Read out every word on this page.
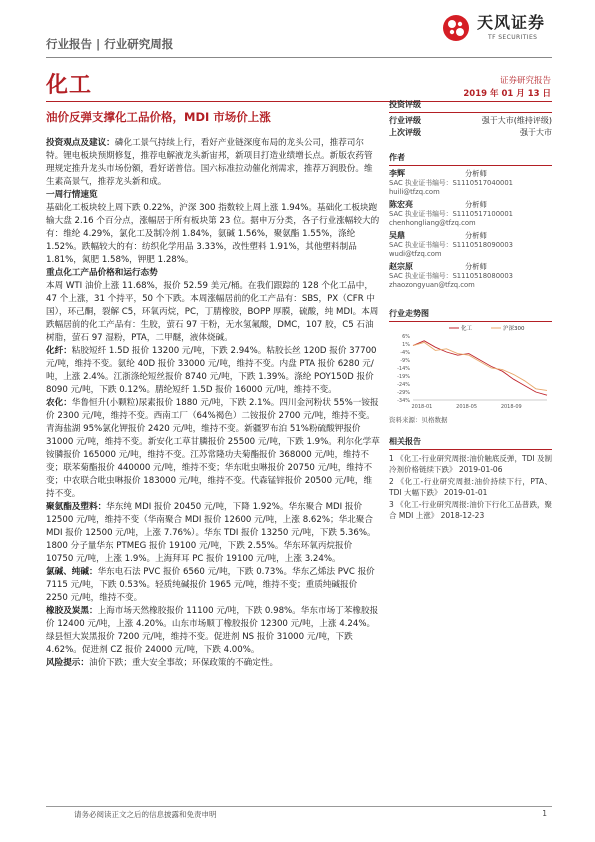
天风证券
TF SECURITIES
行业报告 | 行业研究周报
化工	证券研究报告
2019 年 01 月 13 日
油价反弹支撑化工品价格，MDI 市场价上涨

投资观点及建议：磷化工景气持续上行，看好产业链深度布局的龙头公司，推荐司尔特。锂电板块预期修复，推荐电解液龙头新宙邦，新项目打造业绩增长点。新版农药管理规定推升龙头市场份额，看好诺普信。国六标准拉动催化剂需求，推荐万润股份。维生素高景气，推荐龙头新和成。

一周行情速览

基础化工板块较上周下跌 0.22%，沪深 300 指数较上周上涨 1.94%。基础化工板块跑输大盘 2.16 个百分点，涨幅居于所有板块第 23 位。据申万分类，各子行业涨幅较大的有：维纶 4.29%，氯化工及制冷剂 1.84%，氨碱 1.56%，聚氨酯 1.55%，涤纶 1.52%。跌幅较大的有：纺织化学用品 3.33%，改性塑料 1.91%，其他塑料制品 1.81%，氮肥 1.58%，钾肥 1.28%。

重点化工产品价格和运行态势

本周 WTI 油价上涨 11.68%，报价 52.59 美元/桶。在我们跟踪的 128 个化工品中，47 个上涨，31 个持平，50 个下跌。本周涨幅居前的化工产品有：SBS，PX（CFR 中国），环己酮，裂解 C5，环氧丙烷，PC，丁腈橡胶，BOPP 厚膜，硫酸，纯 MDI。本周跌幅居前的化工产品有：生胶，萤石 97 干粉，无水氢氟酸，DMC，107 胶，C5 石油树脂，萤石 97 湿粉，PTA，二甲醚，液体烧碱。

化纤：粘胶短纤 1.5D 报价 13200 元/吨，下跌 2.94%。粘胶长丝 120D 报价 37700 元/吨，维持不变。氨纶 40D 报价 33000 元/吨，维持不变。内盘 PTA 报价 6280 元/吨，上涨 2.4%。江浙涤纶短丝报价 8740 元/吨，下跌 1.39%。涤纶 POY150D 报价 8090 元/吨，下跌 0.12%。腈纶短纤 1.5D 报价 16000 元/吨，维持不变。

农化：华鲁恒升(小颗粒)尿素报价 1880 元/吨，下跌 2.1%。四川金河粉状 55%一铵报价 2300 元/吨，维持不变。西南工厂（64%褐色）二铵报价 2700 元/吨，维持不变。青海盐湖 95%氯化钾报价 2420 元/吨，维持不变。新疆罗布泊 51%粉硫酸钾报价 31000 元/吨，维持不变。新安化工草甘膦报价 25500 元/吨，下跌 1.9%。利尔化学草铵膦报价 165000 元/吨，维持不变。江苏常隆功夫菊酯报价 368000 元/吨，维持不变；联苯菊酯报价 440000 元/吨，维持不变；华东吡虫啉报价 20750 元/吨，维持不变；中农联合吡虫啉报价 183000 元/吨，维持不变。代森锰锌报价 20500 元/吨，维持不变。

聚氨酯及塑料：华东纯 MDI 报价 20450 元/吨，下降 1.92%。华东聚合 MDI 报价 12500 元/吨，维持不变（华南聚合 MDI 报价 12600 元/吨，上涨 8.62%；华北聚合 MDI 报价 12500 元/吨，上涨 7.76%）。华东 TDI 报价 13250 元/吨，下跌 5.36%。1800 分子量华东 PTMEG 报价 19100 元/吨，下跌 2.55%。华东环氧丙烷报价 10750 元/吨，上涨 1.9%。上海拜耳 PC 报价 19100 元/吨，上涨 3.24%。

氯碱、纯碱：华东电石法 PVC 报价 6560 元/吨，下跌 0.73%。华东乙烯法 PVC 报价 7115 元/吨，下跌 0.53%。轻质纯碱报价 1965 元/吨，维持不变；重质纯碱报价 2250 元/吨，维持不变。

橡胶及炭黑：上海市场天然橡胶报价 11100 元/吨，下跌 0.98%。华东市场丁苯橡胶报价 12400 元/吨，上涨 4.20%。山东市场顺丁橡胶报价 12300 元/吨，上涨 4.24%。绿县恒大炭黑报价 7200 元/吨，维持不变。促进剂 NS 报价 31000 元/吨，下跌 4.62%。促进剂 CZ 报价 24000 元/吨，下跌 4.00%。

风险提示：油价下跌；重大安全事故；环保政策的不确定性。

投资评级
行业评级	强于大市(维持评级)
上次评级	强于大市
作者
李辉	分析师
SAC 执业证书编号：S1110517040001
huili@tfzq.com
陈宏亮	分析师
SAC 执业证书编号：S1110517100001
chenhongliang@tfzq.com
吴鼎	分析师
SAC 执业证书编号：S1110518090003
wudi@tfzq.com
赵宗原	分析师
SAC 执业证书编号：S1110518080003
zhaozongyuan@tfzq.com
行业走势图
6%
1%
-4%
-9%
-14%
-19%
-24%
-29%
-34%
2018-01	2018-05	2018-09
化工	沪深300
资料来源：贝格数据
相关报告
1 《化工-行业研究周报:油价触底反弹，TDI 及制冷剂价格链续下跌》 2019-01-06
2 《化工-行业研究周报:油价持续下行，PTA、TDI 大幅下跌》 2019-01-01
3 《化工-行业研究周报:油价下行化工品普跌，聚合 MDI 上涨》 2018-12-23
请务必阅读正文之后的信息披露和免责申明	1
